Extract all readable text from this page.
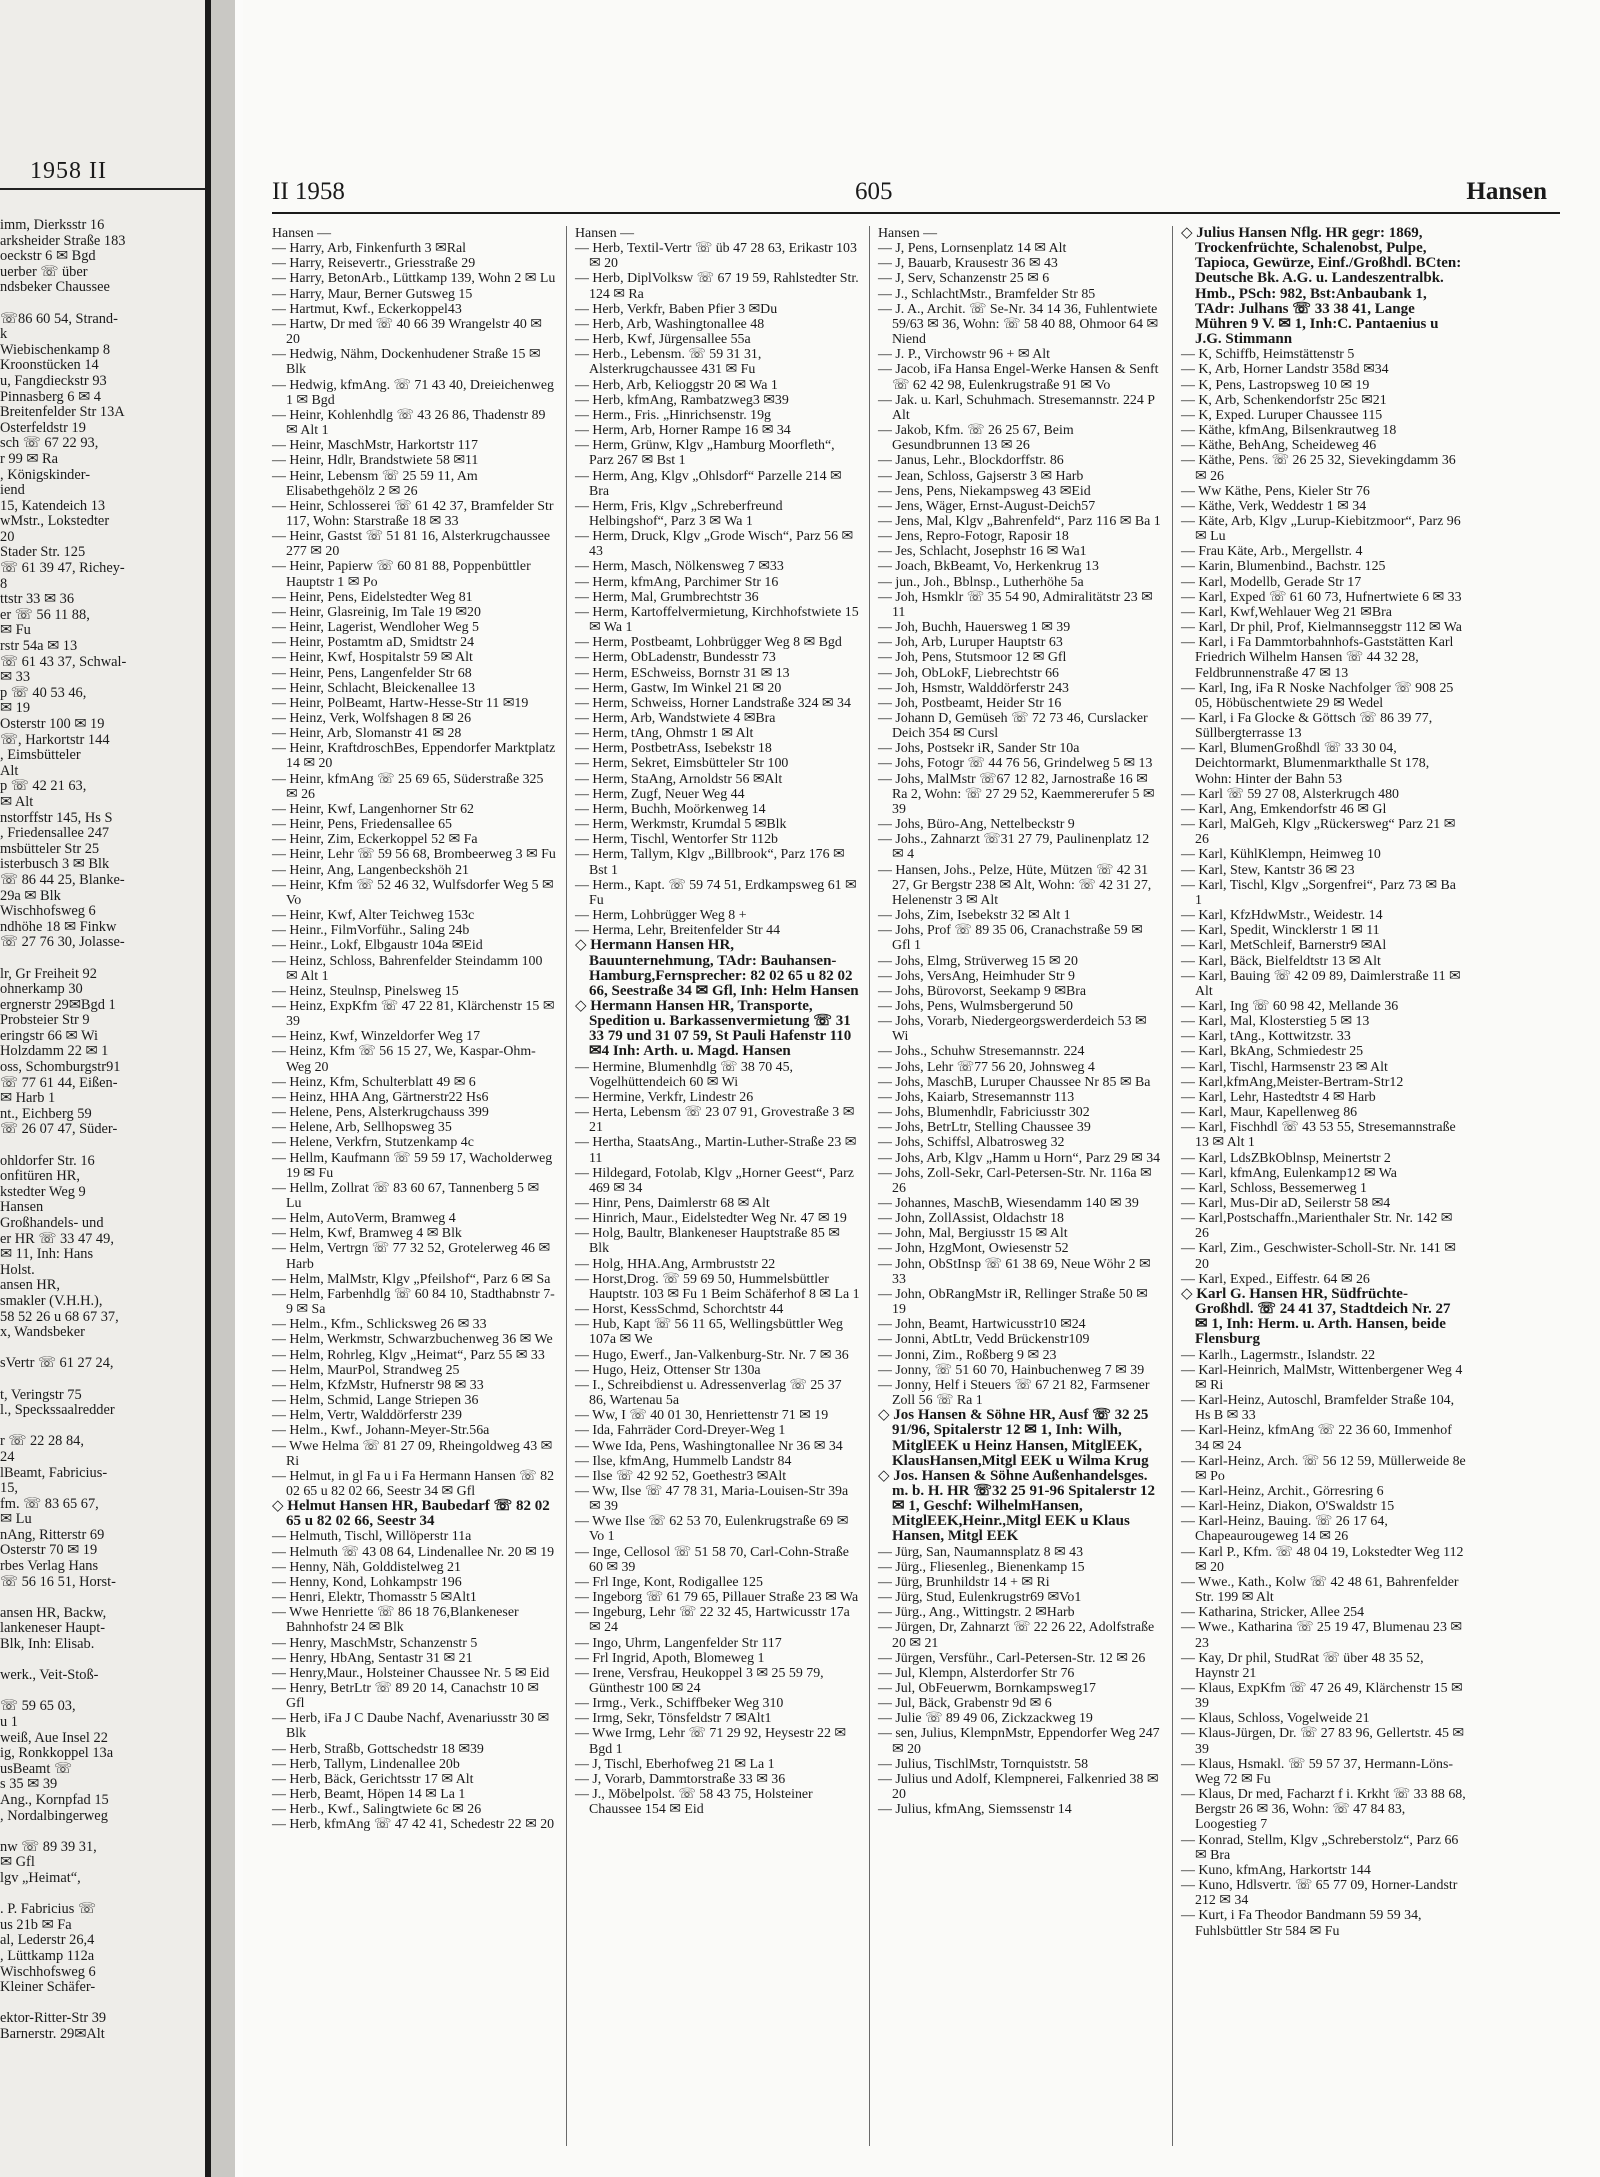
1958 II
imm, Dierksstr 16
arksheider Straße 183
oeckstr 6 ✉ Bgd
uerber ☏ über
ndsbeker Chaussee

☏86 60 54, Strand-
k
Wiebischenkamp 8
Kroonstücken 14
u, Fangdieckstr 93
Pinnasberg 6 ✉ 4
Breitenfelder Str 13A
Osterfeldstr 19
sch ☏ 67 22 93,
r 99 ✉ Ra
, Königskinder-
iend
15, Katendeich 13
wMstr., Lokstedter
20
Stader Str. 125
☏ 61 39 47, Richey-
8
ttstr 33 ✉ 36
er ☏ 56 11 88,
✉ Fu
rstr 54a ✉ 13
☏ 61 43 37, Schwal-
✉ 33
p ☏ 40 53 46,
✉ 19
Osterstr 100 ✉ 19
☏, Harkortstr 144
, Eimsbütteler
Alt
p ☏ 42 21 63,
✉ Alt
nstorffstr 145, Hs S
, Friedensallee 247
msbütteler Str 25
isterbusch 3 ✉ Blk
☏ 86 44 25, Blanke-
29a ✉ Blk
Wischhofsweg 6
ndhöhe 18 ✉ Finkw
☏ 27 76 30, Jolasse-

lr, Gr Freiheit 92
ohnerkamp 30
ergnerstr 29✉Bgd 1
Probsteier Str 9
eringstr 66 ✉ Wi
Holzdamm 22 ✉ 1
oss, Schomburgstr91
☏ 77 61 44, Eißen-
✉ Harb 1
nt., Eichberg 59
☏ 26 07 47, Süder-

ohldorfer Str. 16
onfitüren HR,
kstedter Weg 9
Hansen
Großhandels- und
er HR ☏ 33 47 49,
✉ 11, Inh: Hans
Holst.
ansen HR,
smakler (V.H.H.),
58 52 26 u 68 67 37,
x, Wandsbeker

sVertr ☏ 61 27 24,

t, Veringstr 75
l., Speckssaalredder

r ☏ 22 28 84,
24
lBeamt, Fabricius-
15,
fm. ☏ 83 65 67,
✉ Lu
nAng, Ritterstr 69
Osterstr 70 ✉ 19
rbes Verlag Hans
☏ 56 16 51, Horst-

ansen HR, Backw,
lankeneser Haupt-
Blk, Inh: Elisab.

werk., Veit-Stoß-

☏ 59 65 03,
u 1
weiß, Aue Insel 22
ig, Ronkkoppel 13a
usBeamt ☏
s 35 ✉ 39
Ang., Kornpfad 15
, Nordalbingerweg

nw ☏ 89 39 31,
✉ Gfl
lgv „Heimat“,

. P. Fabricius ☏
us 21b ✉ Fa
al, Lederstr 26,4
, Lüttkamp 112a
Wischhofsweg 6
Kleiner Schäfer-

ektor-Ritter-Str 39
Barnerstr. 29✉Alt
II 1958	605	Hansen
Hansen —

— Harry, Arb, Finkenfurth 3 ✉Ral

— Harry, Reisevertr., Griesstraße 29

— Harry, BetonArb., Lüttkamp 139, Wohn 2 ✉ Lu

— Harry, Maur, Berner Gutsweg 15

— Hartmut, Kwf., Eckerkoppel43

— Hartw, Dr med ☏ 40 66 39 Wrangelstr 40 ✉ 20

— Hedwig, Nähm, Dockenhudener Straße 15 ✉ Blk

— Hedwig, kfmAng. ☏ 71 43 40, Dreieichenweg 1 ✉ Bgd

— Heinr, Kohlenhdlg ☏ 43 26 86, Thadenstr 89 ✉ Alt 1

— Heinr, MaschMstr, Harkortstr 117

— Heinr, Hdlr, Brandstwiete 58 ✉11

— Heinr, Lebensm ☏ 25 59 11, Am Elisabethgehölz 2 ✉ 26

— Heinr, Schlosserei ☏ 61 42 37, Bramfelder Str 117, Wohn: Starstraße 18 ✉ 33

— Heinr, Gastst ☏ 51 81 16, Alsterkrugchaussee 277 ✉ 20

— Heinr, Papierw ☏ 60 81 88, Poppenbüttler Hauptstr 1 ✉ Po

— Heinr, Pens, Eidelstedter Weg 81

— Heinr, Glasreinig, Im Tale 19 ✉20

— Heinr, Lagerist, Wendloher Weg 5

— Heinr, Postamtm aD, Smidtstr 24

— Heinr, Kwf, Hospitalstr 59 ✉ Alt

— Heinr, Pens, Langenfelder Str 68

— Heinr, Schlacht, Bleickenallee 13

— Heinr, PolBeamt, Hartw-Hesse-Str 11 ✉19

— Heinz, Verk, Wolfshagen 8 ✉ 26

— Heinr, Arb, Slomanstr 41 ✉ 28

— Heinr, KraftdroschBes, Eppendorfer Marktplatz 14 ✉ 20

— Heinr, kfmAng ☏ 25 69 65, Süderstraße 325 ✉ 26

— Heinr, Kwf, Langenhorner Str 62

— Heinr, Pens, Friedensallee 65

— Heinr, Zim, Eckerkoppel 52 ✉ Fa

— Heinr, Lehr ☏ 59 56 68, Brombeerweg 3 ✉ Fu

— Heinr, Ang, Langenbeckshöh 21

— Heinr, Kfm ☏ 52 46 32, Wulfsdorfer Weg 5 ✉ Vo

— Heinr, Kwf, Alter Teichweg 153c

— Heinr., FilmVorführ., Saling 24b

— Heinr., Lokf, Elbgaustr 104a ✉Eid

— Heinz, Schloss, Bahrenfelder Steindamm 100 ✉ Alt 1

— Heinz, Steulnsp, Pinelsweg 15

— Heinz, ExpKfm ☏ 47 22 81, Klärchenstr 15 ✉ 39

— Heinz, Kwf, Winzeldorfer Weg 17

— Heinz, Kfm ☏ 56 15 27, We, Kaspar-Ohm-Weg 20

— Heinz, Kfm, Schulterblatt 49 ✉ 6

— Heinz, HHA Ang, Gärtnerstr22 Hs6

— Helene, Pens, Alsterkrugchauss 399

— Helene, Arb, Sellhopsweg 35

— Helene, Verkfrn, Stutzenkamp 4c

— Hellm, Kaufmann ☏ 59 59 17, Wacholderweg 19 ✉ Fu

— Hellm, Zollrat ☏ 83 60 67, Tannenberg 5 ✉ Lu

— Helm, AutoVerm, Bramweg 4

— Helm, Kwf, Bramweg 4 ✉ Blk

— Helm, Vertrgn ☏ 77 32 52, Grotelerweg 46 ✉ Harb

— Helm, MalMstr, Klgv „Pfeilshof“, Parz 6 ✉ Sa

— Helm, Farbenhdlg ☏ 60 84 10, Stadthabnstr 7-9 ✉ Sa

— Helm., Kfm., Schlicksweg 26 ✉ 33

— Helm, Werkmstr, Schwarzbuchenweg 36 ✉ We

— Helm, Rohrleg, Klgv „Heimat“, Parz 55 ✉ 33

— Helm, MaurPol, Strandweg 25

— Helm, KfzMstr, Hufnerstr 98 ✉ 33

— Helm, Schmid, Lange Striepen 36

— Helm, Vertr, Walddörferstr 239

— Helm., Kwf., Johann-Meyer-Str.56a

— Wwe Helma ☏ 81 27 09, Rheingoldweg 43 ✉ Ri

— Helmut, in gl Fa u i Fa Hermann Hansen ☏ 82 02 65 u 82 02 66, Seestr 34 ✉ Gfl

◇ Helmut Hansen HR, Baubedarf ☏ 82 02 65 u 82 02 66, Seestr 34

— Helmuth, Tischl, Willöperstr 11a

— Helmuth ☏ 43 08 64, Lindenallee Nr. 20 ✉ 19

— Henny, Näh, Golddistelweg 21

— Henny, Kond, Lohkampstr 196

— Henri, Elektr, Thomasstr 5 ✉Alt1

— Wwe Henriette ☏ 86 18 76,Blankeneser Bahnhofstr 24 ✉ Blk

— Henry, MaschMstr, Schanzenstr 5

— Henry, HbAng, Sentastr 31 ✉ 21

— Henry,Maur., Holsteiner Chaussee Nr. 5 ✉ Eid

— Henry, BetrLtr ☏ 89 20 14, Canachstr 10 ✉ Gfl

— Herb, iFa J C Daube Nachf, Avenariusstr 30 ✉ Blk

— Herb, Straßb, Gottschedstr 18 ✉39

— Herb, Tallym, Lindenallee 20b

— Herb, Bäck, Gerichtsstr 17 ✉ Alt

— Herb, Beamt, Höpen 14 ✉ La 1

— Herb., Kwf., Salingtwiete 6c ✉ 26

— Herb, kfmAng ☏ 47 42 41, Schedestr 22 ✉ 20

Hansen —

— Herb, Textil-Vertr ☏ üb 47 28 63, Erikastr 103 ✉ 20

— Herb, DiplVolksw ☏ 67 19 59, Rahlstedter Str. 124 ✉ Ra

— Herb, Verkfr, Baben Pfier 3 ✉Du

— Herb, Arb, Washingtonallee 48

— Herb, Kwf, Jürgensallee 55a

— Herb., Lebensm. ☏ 59 31 31, Alsterkrugchaussee 431 ✉ Fu

— Herb, Arb, Kelioggstr 20 ✉ Wa 1

— Herb, kfmAng, Rambatzweg3 ✉39

— Herm., Fris. „Hinrichsenstr. 19g

— Herm, Arb, Horner Rampe 16 ✉ 34

— Herm, Grünw, Klgv „Hamburg Moorfleth“, Parz 267 ✉ Bst 1

— Herm, Ang, Klgv „Ohlsdorf“ Parzelle 214 ✉ Bra

— Herm, Fris, Klgv „Schreberfreund Helbingshof“, Parz 3 ✉ Wa 1

— Herm, Druck, Klgv „Grode Wisch“, Parz 56 ✉ 43

— Herm, Masch, Nölkensweg 7 ✉33

— Herm, kfmAng, Parchimer Str 16

— Herm, Mal, Grumbrechtstr 36

— Herm, Kartoffelvermietung, Kirchhofstwiete 15 ✉ Wa 1

— Herm, Postbeamt, Lohbrügger Weg 8 ✉ Bgd

— Herm, ObLadenstr, Bundesstr 73

— Herm, ESchweiss, Bornstr 31 ✉ 13

— Herm, Gastw, Im Winkel 21 ✉ 20

— Herm, Schweiss, Horner Landstraße 324 ✉ 34

— Herm, Arb, Wandstwiete 4 ✉Bra

— Herm, tAng, Ohmstr 1 ✉ Alt

— Herm, PostbetrAss, Isebekstr 18

— Herm, Sekret, Eimsbütteler Str 100

— Herm, StaAng, Arnoldstr 56 ✉Alt

— Herm, Zugf, Neuer Weg 44

— Herm, Buchh, Moörkenweg 14

— Herm, Werkmstr, Krumdal 5 ✉Blk

— Herm, Tischl, Wentorfer Str 112b

— Herm, Tallym, Klgv „Billbrook“, Parz 176 ✉ Bst 1

— Herm., Kapt. ☏ 59 74 51, Erdkampsweg 61 ✉ Fu

— Herm, Lohbrügger Weg 8 +

— Herma, Lehr, Breitenfelder Str 44

◇ Hermann Hansen HR, Bauunternehmung, TAdr: Bauhansen-Hamburg,Fernsprecher: 82 02 65 u 82 02 66, Seestraße 34 ✉ Gfl, Inh: Helm Hansen

◇ Hermann Hansen HR, Transporte, Spedition u. Barkassenvermietung ☏ 31 33 79 und 31 07 59, St Pauli Hafenstr 110 ✉4 Inh: Arth. u. Magd. Hansen

— Hermine, Blumenhdlg ☏ 38 70 45, Vogelhüttendeich 60 ✉ Wi

— Hermine, Verkfr, Lindestr 26

— Herta, Lebensm ☏ 23 07 91, Grovestraße 3 ✉ 21

— Hertha, StaatsAng., Martin-Luther-Straße 23 ✉ 11

— Hildegard, Fotolab, Klgv „Horner Geest“, Parz 469 ✉ 34

— Hinr, Pens, Daimlerstr 68 ✉ Alt

— Hinrich, Maur., Eidelstedter Weg Nr. 47 ✉ 19

— Holg, Baultr, Blankeneser Hauptstraße 85 ✉ Blk

— Holg, HHA.Ang, Armbruststr 22

— Horst,Drog. ☏ 59 69 50, Hummelsbüttler Hauptstr. 103 ✉ Fu 1 Beim Schäferhof 8 ✉ La 1

— Horst, KessSchmd, Schorchtstr 44

— Hub, Kapt ☏ 56 11 65, Wellingsbüttler Weg 107a ✉ We

— Hugo, Ewerf., Jan-Valkenburg-Str. Nr. 7 ✉ 36

— Hugo, Heiz, Ottenser Str 130a

— I., Schreibdienst u. Adressenverlag ☏ 25 37 86, Wartenau 5a

— Ww, I ☏ 40 01 30, Henriettenstr 71 ✉ 19

— Ida, Fahrräder Cord-Dreyer-Weg 1

— Wwe Ida, Pens, Washingtonallee Nr 36 ✉ 34

— Ilse, kfmAng, Hummelb Landstr 84

— Ilse ☏ 42 92 52, Goethestr3 ✉Alt

— Ww, Ilse ☏ 47 78 31, Maria-Louisen-Str 39a ✉ 39

— Wwe Ilse ☏ 62 53 70, Eulenkrugstraße 69 ✉ Vo 1

— Inge, Cellosol ☏ 51 58 70, Carl-Cohn-Straße 60 ✉ 39

— Frl Inge, Kont, Rodigallee 125

— Ingeborg ☏ 61 79 65, Pillauer Straße 23 ✉ Wa

— Ingeburg, Lehr ☏ 22 32 45, Hartwicusstr 17a ✉ 24

— Ingo, Uhrm, Langenfelder Str 117

— Frl Ingrid, Apoth, Blomeweg 1

— Irene, Versfrau, Heukoppel 3 ✉ 25 59 79, Günthestr 100 ✉ 24

— Irmg., Verk., Schiffbeker Weg 310

— Irmg, Sekr, Tönsfeldstr 7 ✉Alt1

— Wwe Irmg, Lehr ☏ 71 29 92, Heysestr 22 ✉ Bgd 1

— J, Tischl, Eberhofweg 21 ✉ La 1

— J, Vorarb, Dammtorstraße 33 ✉ 36

— J., Möbelpolst. ☏ 58 43 75, Holsteiner Chaussee 154 ✉ Eid

Hansen —

— J, Pens, Lornsenplatz 14 ✉ Alt

— J, Bauarb, Krausestr 36 ✉ 43

— J, Serv, Schanzenstr 25 ✉ 6

— J., SchlachtMstr., Bramfelder Str 85

— J. A., Archit. ☏ Se-Nr. 34 14 36, Fuhlentwiete 59/63 ✉ 36, Wohn: ☏ 58 40 88, Ohmoor 64 ✉ Niend

— J. P., Virchowstr 96 + ✉ Alt

— Jacob, iFa Hansa Engel-Werke Hansen & Senft ☏ 62 42 98, Eulenkrugstraße 91 ✉ Vo

— Jak. u. Karl, Schuhmach. Stresemannstr. 224 P Alt

— Jakob, Kfm. ☏ 26 25 67, Beim Gesundbrunnen 13 ✉ 26

— Janus, Lehr., Blockdorffstr. 86

— Jean, Schloss, Gajserstr 3 ✉ Harb

— Jens, Pens, Niekampsweg 43 ✉Eid

— Jens, Wäger, Ernst-August-Deich57

— Jens, Mal, Klgv „Bahrenfeld“, Parz 116 ✉ Ba 1

— Jens, Repro-Fotogr, Raposir 18

— Jes, Schlacht, Josephstr 16 ✉ Wa1

— Joach, BkBeamt, Vo, Herkenkrug 13

— jun., Joh., Bblnsp., Lutherhöhe 5a

— Joh, Hsmklr ☏ 35 54 90, Admiralitätstr 23 ✉ 11

— Joh, Buchh, Hauersweg 1 ✉ 39

— Joh, Arb, Luruper Hauptstr 63

— Joh, Pens, Stutsmoor 12 ✉ Gfl

— Joh, ObLokF, Liebrechtstr 66

— Joh, Hsmstr, Walddörferstr 243

— Joh, Postbeamt, Heider Str 16

— Johann D, Gemüseh ☏ 72 73 46, Curslacker Deich 354 ✉ Cursl

— Johs, Postsekr iR, Sander Str 10a

— Johs, Fotogr ☏ 44 76 56, Grindelweg 5 ✉ 13

— Johs, MalMstr ☏67 12 82, Jarnostraße 16 ✉ Ra 2, Wohn: ☏ 27 29 52, Kaemmererufer 5 ✉ 39

— Johs, Büro-Ang, Nettelbeckstr 9

— Johs., Zahnarzt ☏31 27 79, Paulinenplatz 12 ✉ 4

— Hansen, Johs., Pelze, Hüte, Mützen ☏ 42 31 27, Gr Bergstr 238 ✉ Alt, Wohn: ☏ 42 31 27, Helenenstr 3 ✉ Alt

— Johs, Zim, Isebekstr 32 ✉ Alt 1

— Johs, Prof ☏ 89 35 06, Cranachstraße 59 ✉ Gfl 1

— Johs, Elmg, Strüverweg 15 ✉ 20

— Johs, VersAng, Heimhuder Str 9

— Johs, Bürovorst, Seekamp 9 ✉Bra

— Johs, Pens, Wulmsbergerund 50

— Johs, Vorarb, Niedergeorgswerderdeich 53 ✉ Wi

— Johs., Schuhw Stresemannstr. 224

— Johs, Lehr ☏77 56 20, Johnsweg 4

— Johs, MaschB, Luruper Chaussee Nr 85 ✉ Ba

— Johs, Kaiarb, Stresemannstr 113

— Johs, Blumenhdlr, Fabriciusstr 302

— Johs, BetrLtr, Stelling Chaussee 39

— Johs, Schiffsl, Albatrosweg 32

— Johs, Arb, Klgv „Hamm u Horn“, Parz 29 ✉ 34

— Johs, Zoll-Sekr, Carl-Petersen-Str. Nr. 116a ✉ 26

— Johannes, MaschB, Wiesendamm 140 ✉ 39

— John, ZollAssist, Oldachstr 18

— John, Mal, Bergiusstr 15 ✉ Alt

— John, HzgMont, Owiesenstr 52

— John, ObStInsp ☏ 61 38 69, Neue Wöhr 2 ✉ 33

— John, ObRangMstr iR, Rellinger Straße 50 ✉ 19

— John, Beamt, Hartwicusstr10 ✉24

— Jonni, AbtLtr, Vedd Brückenstr109

— Jonni, Zim., Roßberg 9 ✉ 23

— Jonny, ☏ 51 60 70, Hainbuchenweg 7 ✉ 39

— Jonny, Helf i Steuers ☏ 67 21 82, Farmsener Zoll 56 ☏ Ra 1

◇ Jos Hansen & Söhne HR, Ausf ☏ 32 25 91/96, Spitalerstr 12 ✉ 1, Inh: Wilh, MitglEEK u Heinz Hansen, MitglEEK, KlausHansen,Mitgl EEK u Wilma Krug

◇ Jos. Hansen & Söhne Außenhandelsges. m. b. H. HR ☏32 25 91-96 Spitalerstr 12 ✉ 1, Geschf: WilhelmHansen, MitglEEK,Heinr.,Mitgl EEK u Klaus Hansen, Mitgl EEK

— Jürg, San, Naumannsplatz 8 ✉ 43

— Jürg., Fliesenleg., Bienenkamp 15

— Jürg, Brunhildstr 14 + ✉ Ri

— Jürg, Stud, Eulenkrugstr69 ✉Vo1

— Jürg., Ang., Wittingstr. 2 ✉Harb

— Jürgen, Dr, Zahnarzt ☏ 22 26 22, Adolfstraße 20 ✉ 21

— Jürgen, Versführ., Carl-Petersen-Str. 12 ✉ 26

— Jul, Klempn, Alsterdorfer Str 76

— Jul, ObFeuerwm, Bornkampsweg17

— Jul, Bäck, Grabenstr 9d ✉ 6

— Julie ☏ 89 49 06, Zickzackweg 19

— sen, Julius, KlempnMstr, Eppendorfer Weg 247 ✉ 20

— Julius, TischlMstr, Tornquiststr. 58

— Julius und Adolf, Klempnerei, Falkenried 38 ✉ 20

— Julius, kfmAng, Siemssenstr 14

◇ Julius Hansen Nflg. HR gegr: 1869, Trockenfrüchte, Schalenobst, Pulpe, Tapioca, Gewürze, Einf./Großhdl. BCten: Deutsche Bk. A.G. u. Landeszentralbk. Hmb., PSch: 982, Bst:Anbaubank 1, TAdr: Julhans ☏ 33 38 41, Lange Mühren 9 V. ✉ 1, Inh:C. Pantaenius u J.G. Stimmann

— K, Schiffb, Heimstättenstr 5

— K, Arb, Horner Landstr 358d ✉34

— K, Pens, Lastropsweg 10 ✉ 19

— K, Arb, Schenkendorfstr 25c ✉21

— K, Exped. Luruper Chaussee 115

— Käthe, kfmAng, Bilsenkrautweg 18

— Käthe, BehAng, Scheideweg 46

— Käthe, Pens. ☏ 26 25 32, Sievekingdamm 36 ✉ 26

— Ww Käthe, Pens, Kieler Str 76

— Käthe, Verk, Weddestr 1 ✉ 34

— Käte, Arb, Klgv „Lurup-Kiebitzmoor“, Parz 96 ✉ Lu

— Frau Käte, Arb., Mergellstr. 4

— Karin, Blumenbind., Bachstr. 125

— Karl, Modellb, Gerade Str 17

— Karl, Exped ☏ 61 60 73, Hufnertwiete 6 ✉ 33

— Karl, Kwf,Wehlauer Weg 21 ✉Bra

— Karl, Dr phil, Prof, Kielmannseggstr 112 ✉ Wa

— Karl, i Fa Dammtorbahnhofs-Gaststätten Karl Friedrich Wilhelm Hansen ☏ 44 32 28, Feldbrunnenstraße 47 ✉ 13

— Karl, Ing, iFa R Noske Nachfolger ☏ 908 25 05, Höbüschentwiete 29 ✉ Wedel

— Karl, i Fa Glocke & Göttsch ☏ 86 39 77, Süllbergterrasse 13

— Karl, BlumenGroßhdl ☏ 33 30 04, Deichtormarkt, Blumenmarkthalle St 178, Wohn: Hinter der Bahn 53

— Karl ☏ 59 27 08, Alsterkrugch 480

— Karl, Ang, Emkendorfstr 46 ✉ Gl

— Karl, MalGeh, Klgv „Rückersweg“ Parz 21 ✉ 26

— Karl, KühlKlempn, Heimweg 10

— Karl, Stew, Kantstr 36 ✉ 23

— Karl, Tischl, Klgv „Sorgenfrei“, Parz 73 ✉ Ba 1

— Karl, KfzHdwMstr., Weidestr. 14

— Karl, Spedit, Wincklerstr 1 ✉ 11

— Karl, MetSchleif, Barnerstr9 ✉Al

— Karl, Bäck, Bielfeldtstr 13 ✉ Alt

— Karl, Bauing ☏ 42 09 89, Daimlerstraße 11 ✉ Alt

— Karl, Ing ☏ 60 98 42, Mellande 36

— Karl, Mal, Klosterstieg 5 ✉ 13

— Karl, tAng., Kottwitzstr. 33

— Karl, BkAng, Schmiedestr 25

— Karl, Tischl, Harmsenstr 23 ✉ Alt

— Karl,kfmAng,Meister-Bertram-Str12

— Karl, Lehr, Hastedtstr 4 ✉ Harb

— Karl, Maur, Kapellenweg 86

— Karl, Fischhdl ☏ 43 53 55, Stresemannstraße 13 ✉ Alt 1

— Karl, LdsZBkOblnsp, Meinertstr 2

— Karl, kfmAng, Eulenkamp12 ✉ Wa

— Karl, Schloss, Bessemerweg 1

— Karl, Mus-Dir aD, Seilerstr 58 ✉4

— Karl,Postschaffn.,Marienthaler Str. Nr. 142 ✉ 26

— Karl, Zim., Geschwister-Scholl-Str. Nr. 141 ✉ 20

— Karl, Exped., Eiffestr. 64 ✉ 26

◇ Karl G. Hansen HR, Südfrüchte-Großhdl. ☏ 24 41 37, Stadtdeich Nr. 27 ✉ 1, Inh: Herm. u. Arth. Hansen, beide Flensburg

— Karlh., Lagermstr., Islandstr. 22

— Karl-Heinrich, MalMstr, Wittenbergener Weg 4 ✉ Ri

— Karl-Heinz, Autoschl, Bramfelder Straße 104, Hs B ✉ 33

— Karl-Heinz, kfmAng ☏ 22 36 60, Immenhof 34 ✉ 24

— Karl-Heinz, Arch. ☏ 56 12 59, Müllerweide 8e ✉ Po

— Karl-Heinz, Archit., Görresring 6

— Karl-Heinz, Diakon, O'Swaldstr 15

— Karl-Heinz, Bauing. ☏ 26 17 64, Chapeaurougeweg 14 ✉ 26

— Karl P., Kfm. ☏ 48 04 19, Lokstedter Weg 112 ✉ 20

— Wwe., Kath., Kolw ☏ 42 48 61, Bahrenfelder Str. 199 ✉ Alt

— Katharina, Stricker, Allee 254

— Wwe., Katharina ☏ 25 19 47, Blumenau 23 ✉ 23

— Kay, Dr phil, StudRat ☏ über 48 35 52, Haynstr 21

— Klaus, ExpKfm ☏ 47 26 49, Klärchenstr 15 ✉ 39

— Klaus, Schloss, Vogelweide 21

— Klaus-Jürgen, Dr. ☏ 27 83 96, Gellertstr. 45 ✉ 39

— Klaus, Hsmakl. ☏ 59 57 37, Hermann-Löns-Weg 72 ✉ Fu

— Klaus, Dr med, Facharzt f i. Krkht ☏ 33 88 68, Bergstr 26 ✉ 36, Wohn: ☏ 47 84 83, Loogestieg 7

— Konrad, Stellm, Klgv „Schreberstolz“, Parz 66 ✉ Bra

— Kuno, kfmAng, Harkortstr 144

— Kuno, Hdlsvertr. ☏ 65 77 09, Horner-Landstr 212 ✉ 34

— Kurt, i Fa Theodor Bandmann 59 59 34, Fuhlsbüttler Str 584 ✉ Fu
